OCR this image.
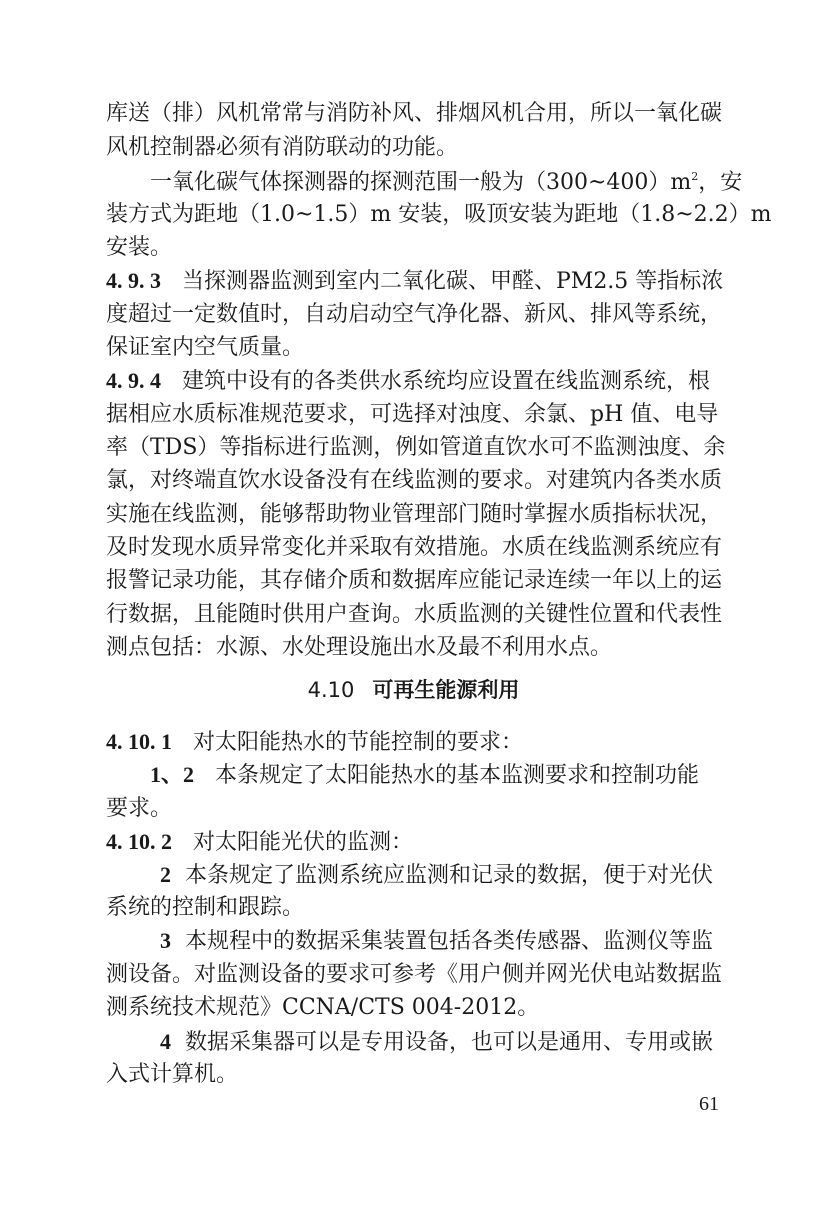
库送（排）风机常常与消防补风、排烟风机合用，所以一氧化碳
风机控制器必须有消防联动的功能。
一氧化碳气体探测器的探测范围一般为$(300\sim 400)m^2$，安
装方式为距地（1.0~1.5）m 安装，吸顶安装为距地（1.8~2.2）m
安装。
4. 9. 3 当探测器监测到室内二氧化碳、甲醛、PM2.5 等指标浓
度超过一定数值时，自动启动空气净化器、新风、排风等系统，
保证室内空气质量。
4. 9. 4 建筑中设有的各类供水系统均应设置在线监测系统，根
据相应水质标准规范要求，可选择对浊度、余氯、pH 值、电导
率（TDS）等指标进行监测，例如管道直饮水可不监测浊度、余
氯，对终端直饮水设备没有在线监测的要求。对建筑内各类水质
实施在线监测，能够帮助物业管理部门随时掌握水质指标状况，
及时发现水质异常变化并采取有效措施。水质在线监测系统应有
报警记录功能，其存储介质和数据库应能记录连续一年以上的运
行数据，且能随时供用户查询。水质监测的关键性位置和代表性
测点包括：水源、水处理设施出水及最不利用水点。
4.10 可再生能源利用
4. 10. 1 对太阳能热水的节能控制的要求：
1、2 本条规定了太阳能热水的基本监测要求和控制功能
要求。
4. 10. 2 对太阳能光伏的监测：
2 本条规定了监测系统应监测和记录的数据，便于对光伏
系统的控制和跟踪。
3 本规程中的数据采集装置包括各类传感器、监测仪等监
测设备。对监测设备的要求可参考《用户侧并网光伏电站数据监
测系统技术规范》CCNA/CTS 004-2012。
4 数据采集器可以是专用设备，也可以是通用、专用或嵌
入式计算机。
61
